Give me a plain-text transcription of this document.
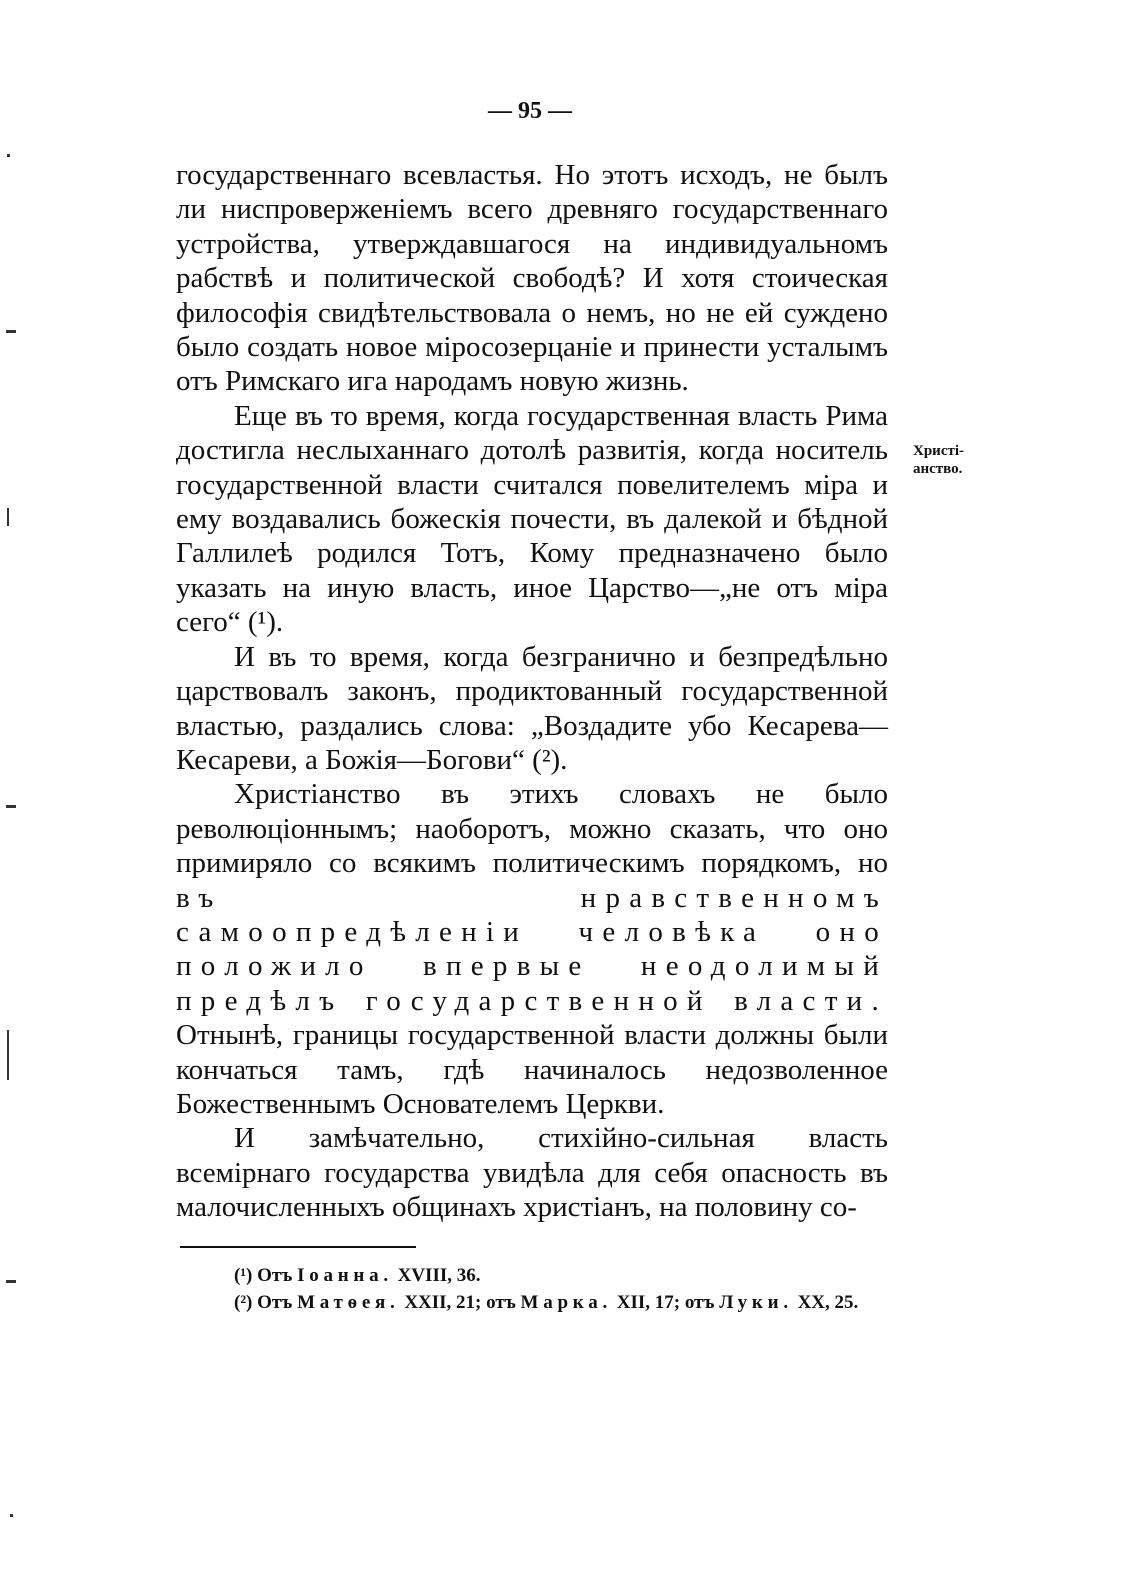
— 95 —
Христі-
анство.

государственнаго всевластья. Но этотъ исходъ, не былъ ли ниспроверженіемъ всего древняго государственнаго устройства, утверждавшагося на индивидуальномъ рабствѣ и политической свободѣ? И хотя стоическая философія свидѣтельствовала о немъ, но не ей суждено было создать новое міросозерцаніе и принести усталымъ отъ Римскаго ига народамъ новую жизнь.

Еще въ то время, когда государственная власть Рима достигла неслыханнаго дотолѣ развитія, когда носитель государственной власти считался повелителемъ міра и ему воздавались божескія почести, въ далекой и бѣдной Галлилеѣ родился Тотъ, Кому предназначено было указать на иную власть, иное Царство—„не отъ міра сего“ (¹).

И въ то время, когда безгранично и безпредѣльно царствовалъ законъ, продиктованный государственной властью, раздались слова: „Воздадите убо Кесарева—Кесареви, а Божія—Богови“ (²).

Христіанство въ этихъ словахъ не было революціоннымъ; наоборотъ, можно сказать, что оно примиряло со всякимъ политическимъ порядкомъ, но въ нравственномъ самоопредѣленіи человѣка оно положило впервые неодолимый предѣлъ государственной власти. Отнынѣ, границы государственной власти должны были кончаться тамъ, гдѣ начиналось недозволенное Божественнымъ Основателемъ Церкви.

И замѣчательно, стихійно-сильная власть всемірнаго государства увидѣла для себя опасность въ малочисленныхъ общинахъ христіанъ, на половину со-

(¹) Отъ Іоанна. XVIII, 36.

(²) Отъ Матѳея. XXII, 21; отъ Марка. XII, 17; отъ Луки. XX, 25.
